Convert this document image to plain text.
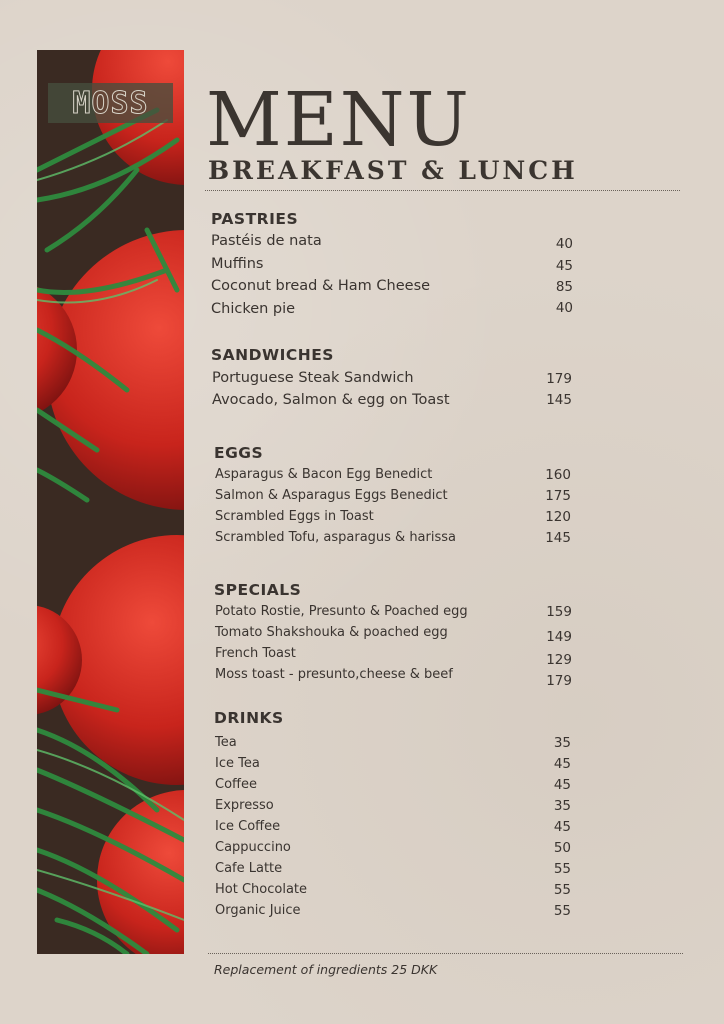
MOSS MENU
BREAKFAST & LUNCH
PASTRIES
Pastéis de nata	40
Muffins	45
Coconut bread & Ham Cheese	85
Chicken pie	40
SANDWICHES
Portuguese Steak Sandwich	179
Avocado, Salmon & egg on Toast	145
EGGS
Asparagus & Bacon Egg Benedict	160
Salmon & Asparagus Eggs Benedict	175
Scrambled Eggs in Toast	120
Scrambled Tofu, asparagus & harissa	145
SPECIALS
Potato Rostie, Presunto & Poached egg	159
Tomato Shakshouka & poached egg	149
French Toast	129
Moss toast - presunto,cheese & beef	179
DRINKS
Tea	35
Ice Tea	45
Coffee	45
Expresso	35
Ice Coffee	45
Cappuccino	50
Cafe Latte	55
Hot Chocolate	55
Organic Juice	55
Replacement of ingredients 25 DKK
